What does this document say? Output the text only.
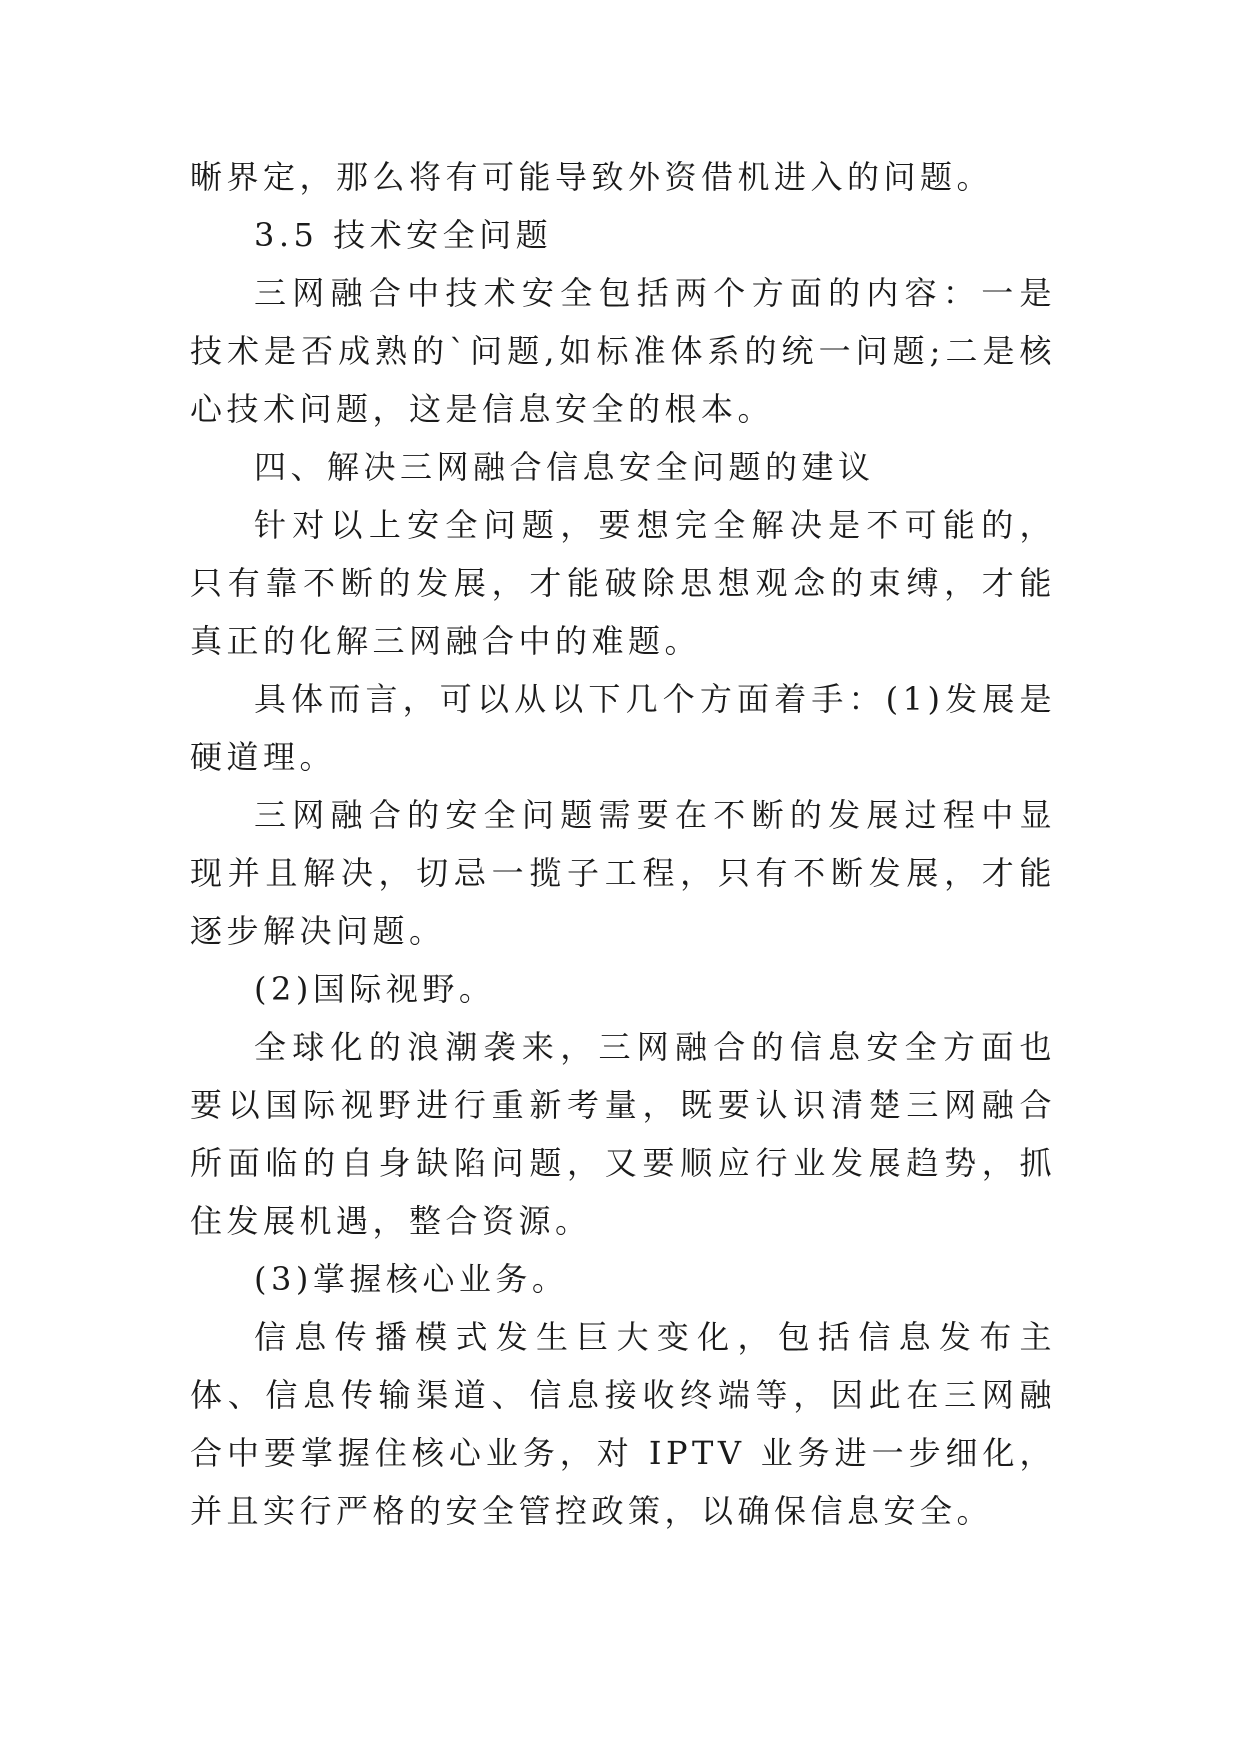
晰界定，那么将有可能导致外资借机进入的问题。

3.5 技术安全问题

三网融合中技术安全包括两个方面的内容：一是技术是否成熟的`问题,如标准体系的统一问题;二是核心技术问题，这是信息安全的根本。

四、解决三网融合信息安全问题的建议

针对以上安全问题，要想完全解决是不可能的，只有靠不断的发展，才能破除思想观念的束缚，才能真正的化解三网融合中的难题。

具体而言，可以从以下几个方面着手：(1)发展是硬道理。

三网融合的安全问题需要在不断的发展过程中显现并且解决，切忌一揽子工程，只有不断发展，才能逐步解决问题。

(2)国际视野。

全球化的浪潮袭来，三网融合的信息安全方面也要以国际视野进行重新考量，既要认识清楚三网融合所面临的自身缺陷问题，又要顺应行业发展趋势，抓住发展机遇，整合资源。

(3)掌握核心业务。

信息传播模式发生巨大变化，包括信息发布主体、信息传输渠道、信息接收终端等，因此在三网融合中要掌握住核心业务，对 IPTV 业务进一步细化，并且实行严格的安全管控政策，以确保信息安全。
